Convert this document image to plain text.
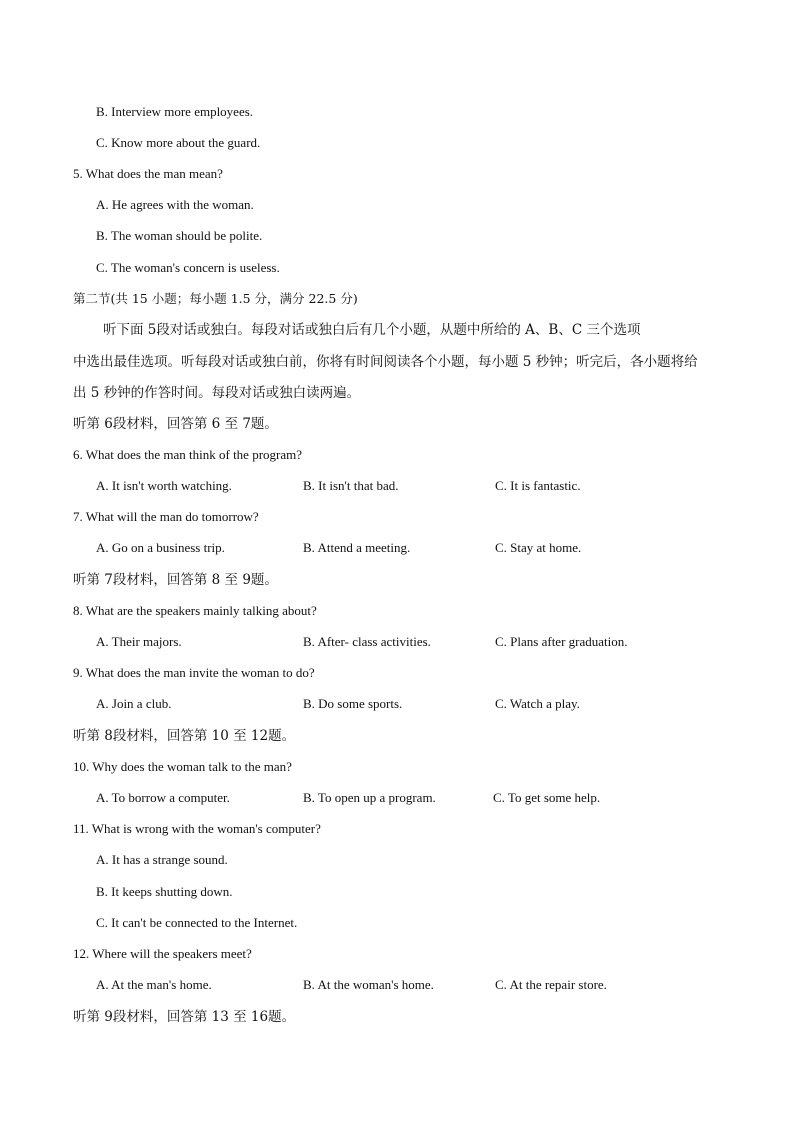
B. Interview more employees.
C. Know more about the guard.
5. What does the man mean?
A. He agrees with the woman.
B. The woman should be polite.
C. The woman's concern is useless.
第二节(共 15 小题；每小题 1.5 分，满分 22.5 分)
听下面 5段对话或独白。每段对话或独白后有几个小题，从题中所给的 A、B、C 三个选项
中选出最佳选项。听每段对话或独白前，你将有时间阅读各个小题，每小题 5 秒钟；听完后，各小题将给
出 5 秒钟的作答时间。每段对话或独白读两遍。
听第 6段材料，回答第 6 至 7题。
6. What does the man think of the program?
A. It isn't worth watching.	B. It isn't that bad.	C. It is fantastic.
7. What will the man do tomorrow?
A. Go on a business trip.	B. Attend a meeting.	C. Stay at home.
听第 7段材料，回答第 8 至 9题。
8. What are the speakers mainly talking about?
A. Their majors.	B. After- class activities.	C. Plans after graduation.
9. What does the man invite the woman to do?
A. Join a club.	B. Do some sports.	C. Watch a play.
听第 8段材料，回答第 10 至 12题。
10. Why does the woman talk to the man?
A. To borrow a computer.	B. To open up a program.	C. To get some help.
11. What is wrong with the woman's computer?
A. It has a strange sound.
B. It keeps shutting down.
C. It can't be connected to the Internet.
12. Where will the speakers meet?
A. At the man's home.	B. At the woman's home.	C. At the repair store.
听第 9段材料，回答第 13 至 16题。
